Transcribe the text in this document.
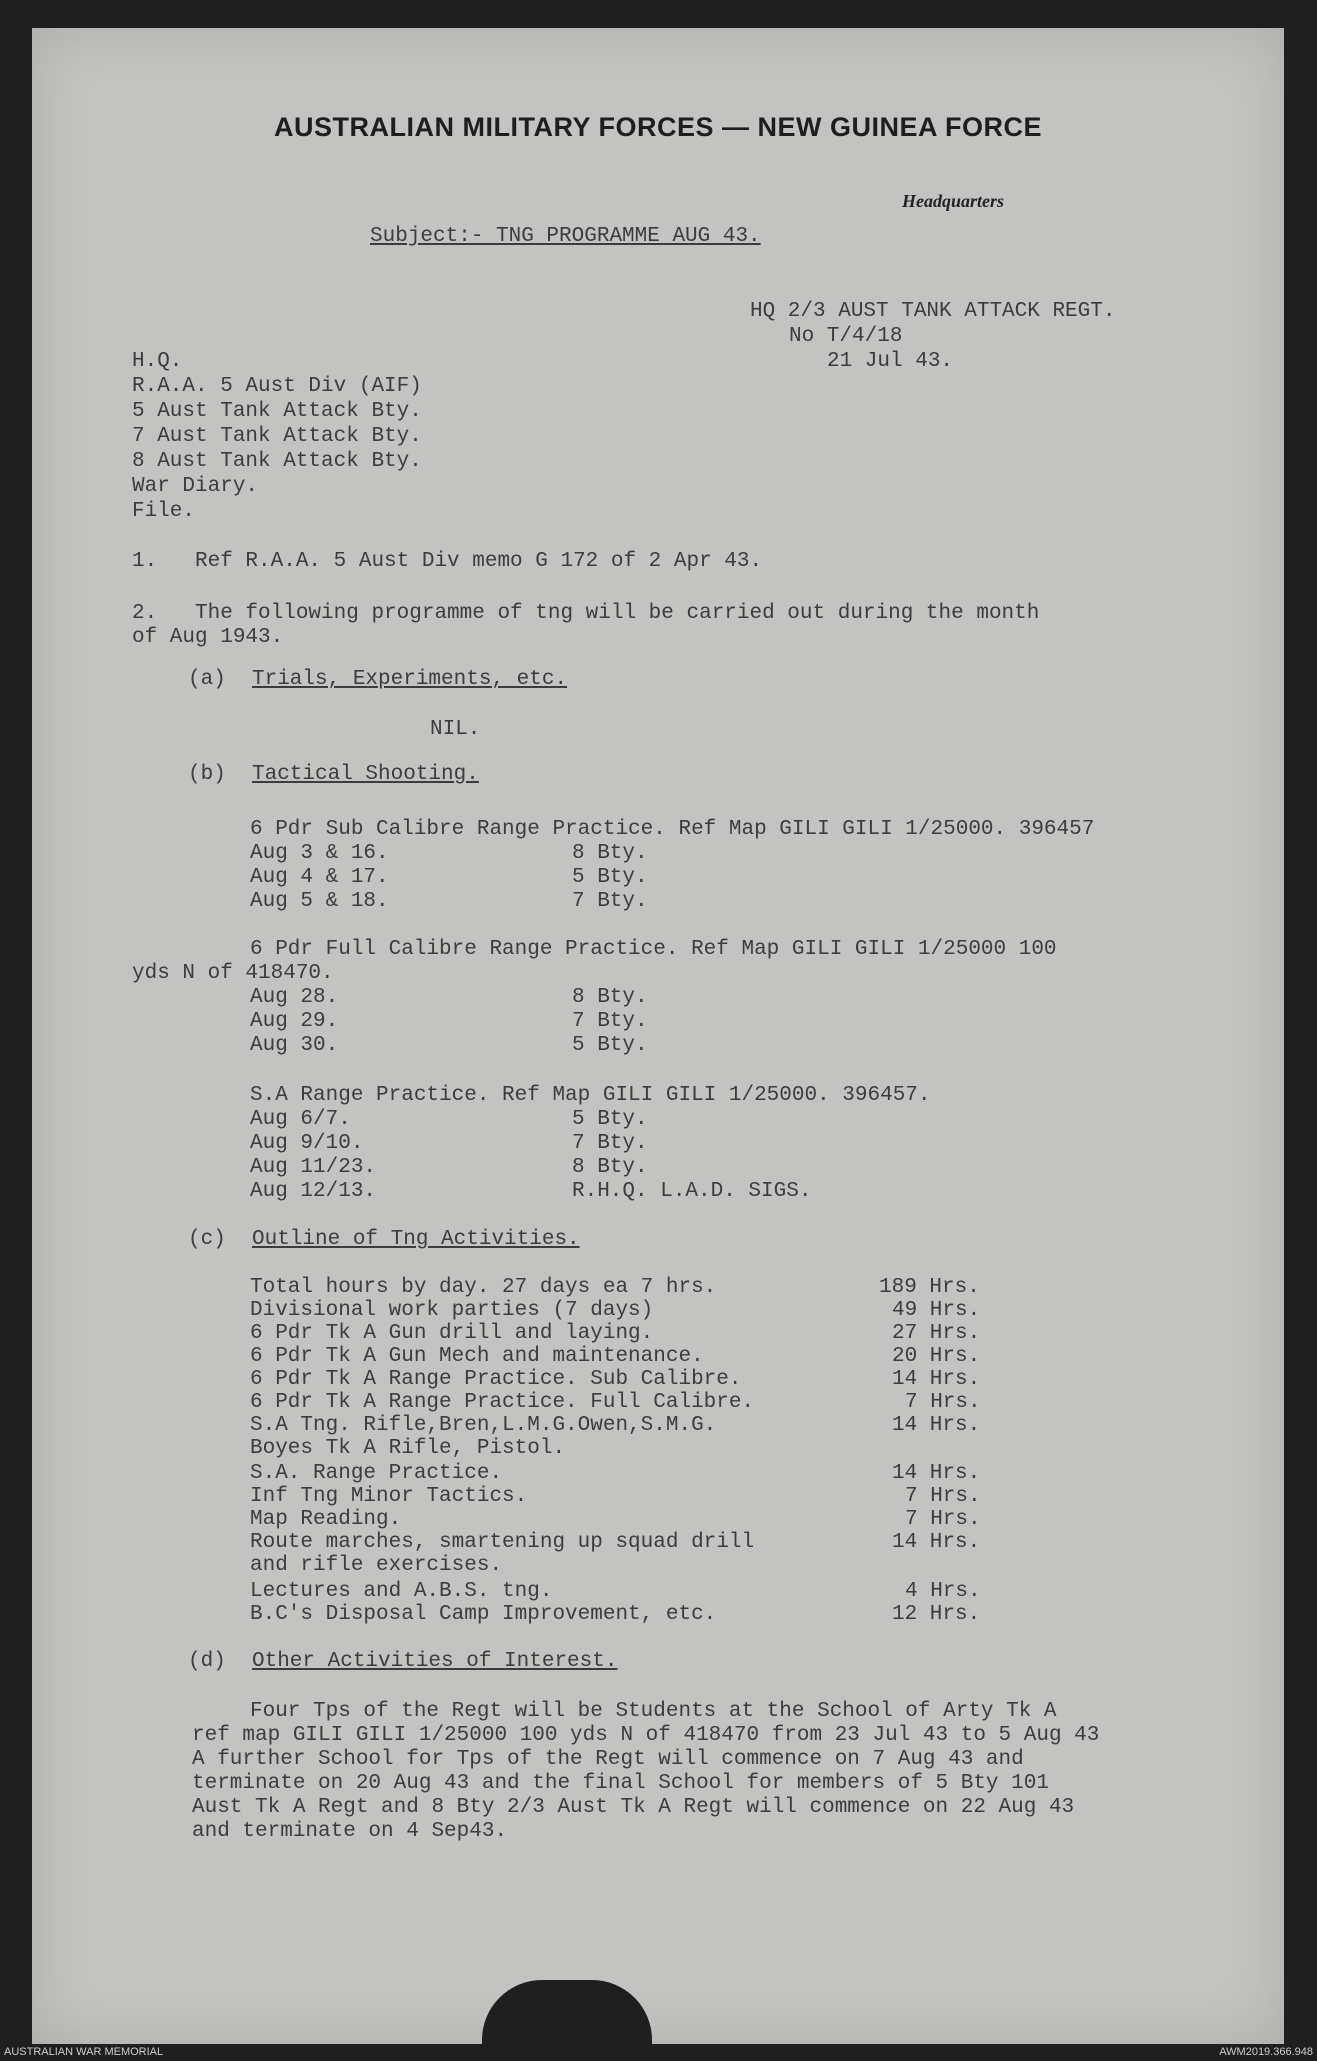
AUSTRALIAN MILITARY FORCES — NEW GUINEA FORCE
Headquarters
Subject:- TNG PROGRAMME AUG 43.
HQ 2/3 AUST TANK ATTACK REGT.
No T/4/18
21 Jul 43.
H.Q.
R.A.A. 5 Aust Div (AIF)
5 Aust Tank Attack Bty.
7 Aust Tank Attack Bty.
8 Aust Tank Attack Bty.
War Diary.
File.
1.   Ref R.A.A. 5 Aust Div memo G 172 of 2 Apr 43.
2.   The following programme of tng will be carried out during the month
of Aug 1943.
(a) Trials, Experiments, etc.
NIL.
(b) Tactical Shooting.
6 Pdr Sub Calibre Range Practice. Ref Map GILI GILI 1/25000. 396457
Aug 3 & 16.	8 Bty.
Aug 4 & 17.	5 Bty.
Aug 5 & 18.	7 Bty.
6 Pdr Full Calibre Range Practice. Ref Map GILI GILI 1/25000 100
yds N of 418470.
Aug 28.	8 Bty.
Aug 29.	7 Bty.
Aug 30.	5 Bty.
S.A Range Practice. Ref Map GILI GILI 1/25000. 396457.
Aug 6/7.	5 Bty.
Aug 9/10.	7 Bty.
Aug 11/23.	8 Bty.
Aug 12/13.	R.H.Q. L.A.D. SIGS.
(c) Outline of Tng Activities.
Total hours by day. 27 days ea 7 hrs.	189 Hrs.
Divisional work parties (7 days)	49 Hrs.
6 Pdr Tk A Gun drill and laying.	27 Hrs.
6 Pdr Tk A Gun Mech and maintenance.	20 Hrs.
6 Pdr Tk A Range Practice. Sub Calibre.	14 Hrs.
6 Pdr Tk A Range Practice. Full Calibre.	7 Hrs.
S.A Tng. Rifle,Bren,L.M.G.Owen,S.M.G.	14 Hrs.
Boyes Tk A Rifle, Pistol.
S.A. Range Practice.	14 Hrs.
Inf Tng Minor Tactics.	7 Hrs.
Map Reading.	7 Hrs.
Route marches, smartening up squad drill	14 Hrs.
and rifle exercises.
Lectures and A.B.S. tng.	4 Hrs.
B.C's Disposal Camp Improvement, etc.	12 Hrs.
(d) Other Activities of Interest.
Four Tps of the Regt will be Students at the School of Arty Tk A
ref map GILI GILI 1/25000 100 yds N of 418470 from 23 Jul 43 to 5 Aug 43
A further School for Tps of the Regt will commence on 7 Aug 43 and
terminate on 20 Aug 43 and the final School for members of 5 Bty 101
Aust Tk A Regt and 8 Bty 2/3 Aust Tk A Regt will commence on 22 Aug 43
and terminate on 4 Sep43.
AUSTRALIAN WAR MEMORIAL	AWM2019.366.948
